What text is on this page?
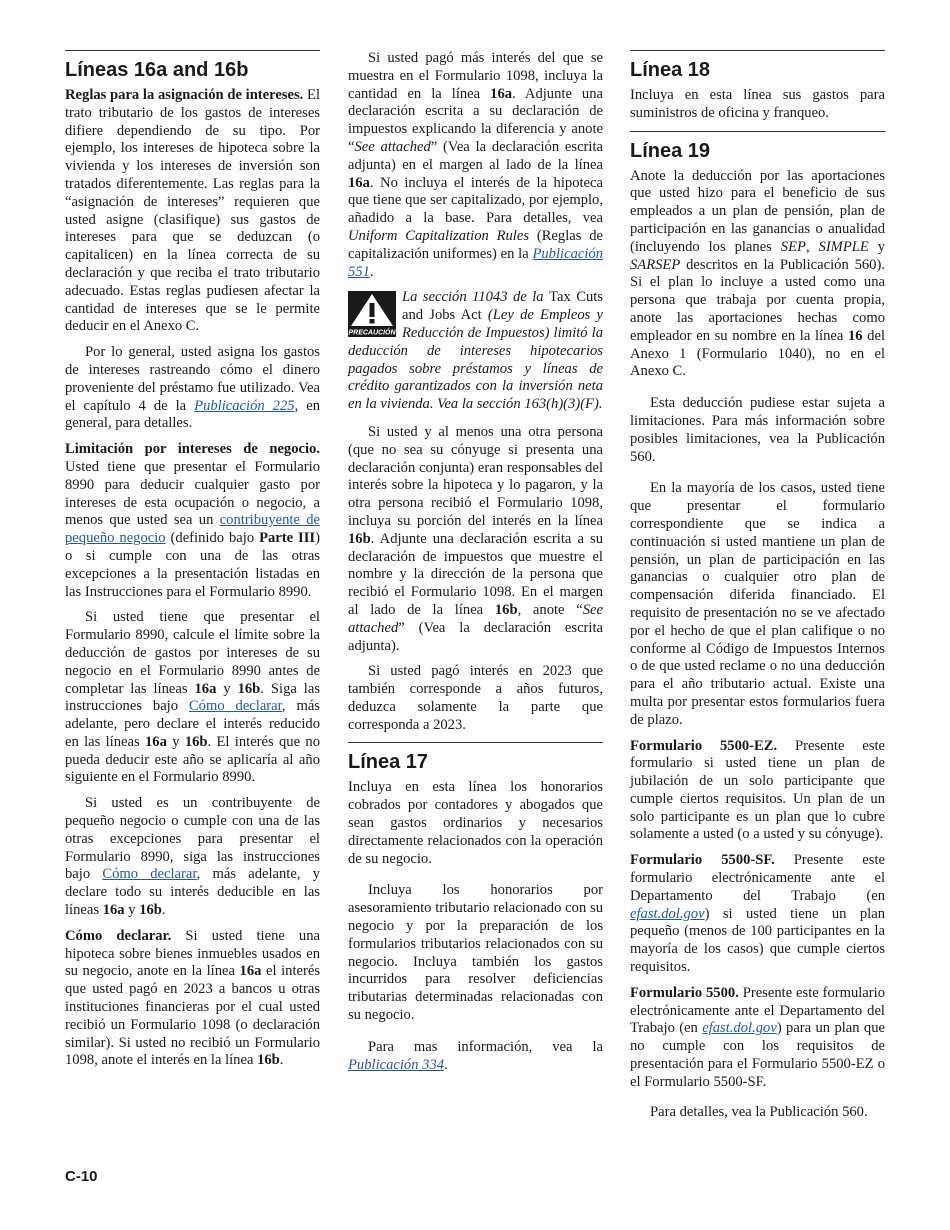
Líneas 16a and 16b

Reglas para la asignación de intereses. El trato tributario de los gastos de intereses difiere dependiendo de su tipo. Por ejemplo, los intereses de hipoteca sobre la vivienda y los intereses de inversión son tratados diferentemente. Las reglas para la “asignación de intereses” requieren que usted asigne (clasifique) sus gastos de intereses para que se deduzcan (o capitalicen) en la línea correcta de su declaración y que reciba el trato tributario adecuado. Estas reglas pudiesen afectar la cantidad de intereses que se le permite deducir en el Anexo C.

Por lo general, usted asigna los gastos de intereses rastreando cómo el dinero proveniente del préstamo fue utilizado. Vea el capítulo 4 de la Publicación 225, en general, para detalles.

Limitación por intereses de negocio. Usted tiene que presentar el Formulario 8990 para deducir cualquier gasto por intereses de esta ocupación o negocio, a menos que usted sea un contribuyente de pequeño negocio (definido bajo Parte III) o si cumple con una de las otras excepciones a la presentación listadas en las Instrucciones para el Formulario 8990.

Si usted tiene que presentar el Formulario 8990, calcule el límite sobre la deducción de gastos por intereses de su negocio en el Formulario 8990 antes de completar las líneas 16a y 16b. Siga las instrucciones bajo Cómo declarar, más adelante, pero declare el interés reducido en las líneas 16a y 16b. El interés que no pueda deducir este año se aplicaría al año siguiente en el Formulario 8990.

Si usted es un contribuyente de pequeño negocio o cumple con una de las otras excepciones para presentar el Formulario 8990, siga las instrucciones bajo Cómo declarar, más adelante, y declare todo su interés deducible en las líneas 16a y 16b.

Cómo declarar. Si usted tiene una hipoteca sobre bienes inmuebles usados en su negocio, anote en la línea 16a el interés que usted pagó en 2023 a bancos u otras instituciones financieras por el cual usted recibió un Formulario 1098 (o declaración similar). Si usted no recibió un Formulario 1098, anote el interés en la línea 16b.

Si usted pagó más interés del que se muestra en el Formulario 1098, incluya la cantidad en la línea 16a. Adjunte una declaración escrita a su declaración de impuestos explicando la diferencia y anote “See attached” (Vea la declaración escrita adjunta) en el margen al lado de la línea 16a. No incluya el interés de la hipoteca que tiene que ser capitalizado, por ejemplo, añadido a la base. Para detalles, vea Uniform Capitalization Rules (Reglas de capitalización uniformes) en la Publicación 551.

PRECAUCIÓN
La sección 11043 de la Tax Cuts and Jobs Act (Ley de Empleos y Reducción de Impuestos) limitó la deducción de intereses hipotecarios pagados sobre préstamos y líneas de crédito garantizados con la inversión neta en la vivienda. Vea la sección 163(h)(3)(F).

Si usted y al menos una otra persona (que no sea su cónyuge si presenta una declaración conjunta) eran responsables del interés sobre la hipoteca y lo pagaron, y la otra persona recibió el Formulario 1098, incluya su porción del interés en la línea 16b. Adjunte una declaración escrita a su declaración de impuestos que muestre el nombre y la dirección de la persona que recibió el Formulario 1098. En el margen al lado de la línea 16b, anote “See attached” (Vea la declaración escrita adjunta).

Si usted pagó interés en 2023 que también corresponde a años futuros, deduzca solamente la parte que corresponda a 2023.

Línea 17

Incluya en esta línea los honorarios cobrados por contadores y abogados que sean gastos ordinarios y necesarios directamente relacionados con la operación de su negocio.

Incluya los honorarios por asesoramiento tributario relacionado con su negocio y por la preparación de los formularios tributarios relacionados con su negocio. Incluya también los gastos incurridos para resolver deficiencias tributarias determinadas relacionadas con su negocio.

Para mas información, vea la Publicación 334.

Línea 18

Incluya en esta línea sus gastos para suministros de oficina y franqueo.

Línea 19

Anote la deducción por las aportaciones que usted hizo para el beneficio de sus empleados a un plan de pensión, plan de participación en las ganancias o anualidad (incluyendo los planes SEP, SIMPLE y SARSEP descritos en la Publicación 560). Si el plan lo incluye a usted como una persona que trabaja por cuenta propia, anote las aportaciones hechas como empleador en su nombre en la línea 16 del Anexo 1 (Formulario 1040), no en el Anexo C.

Esta deducción pudiese estar sujeta a limitaciones. Para más información sobre posibles limitaciones, vea la Publicación 560.

En la mayoría de los casos, usted tiene que presentar el formulario correspondiente que se indica a continuación si usted mantiene un plan de pensión, un plan de participación en las ganancias o cualquier otro plan de compensación diferida financiado. El requisito de presentación no se ve afectado por el hecho de que el plan califique o no conforme al Código de Impuestos Internos o de que usted reclame o no una deducción para el año tributario actual. Existe una multa por presentar estos formularios fuera de plazo.

Formulario 5500-EZ. Presente este formulario si usted tiene un plan de jubilación de un solo participante que cumple ciertos requisitos. Un plan de un solo participante es un plan que lo cubre solamente a usted (o a usted y su cónyuge).

Formulario 5500-SF. Presente este formulario electrónicamente ante el Departamento del Trabajo (en efast.dol.gov) si usted tiene un plan pequeño (menos de 100 participantes en la mayoría de los casos) que cumple ciertos requisitos.

Formulario 5500. Presente este formulario electrónicamente ante el Departamento del Trabajo (en efast.dol.gov) para un plan que no cumple con los requisitos de presentación para el Formulario 5500-EZ o el Formulario 5500-SF.

Para detalles, vea la Publicación 560.

C-10
